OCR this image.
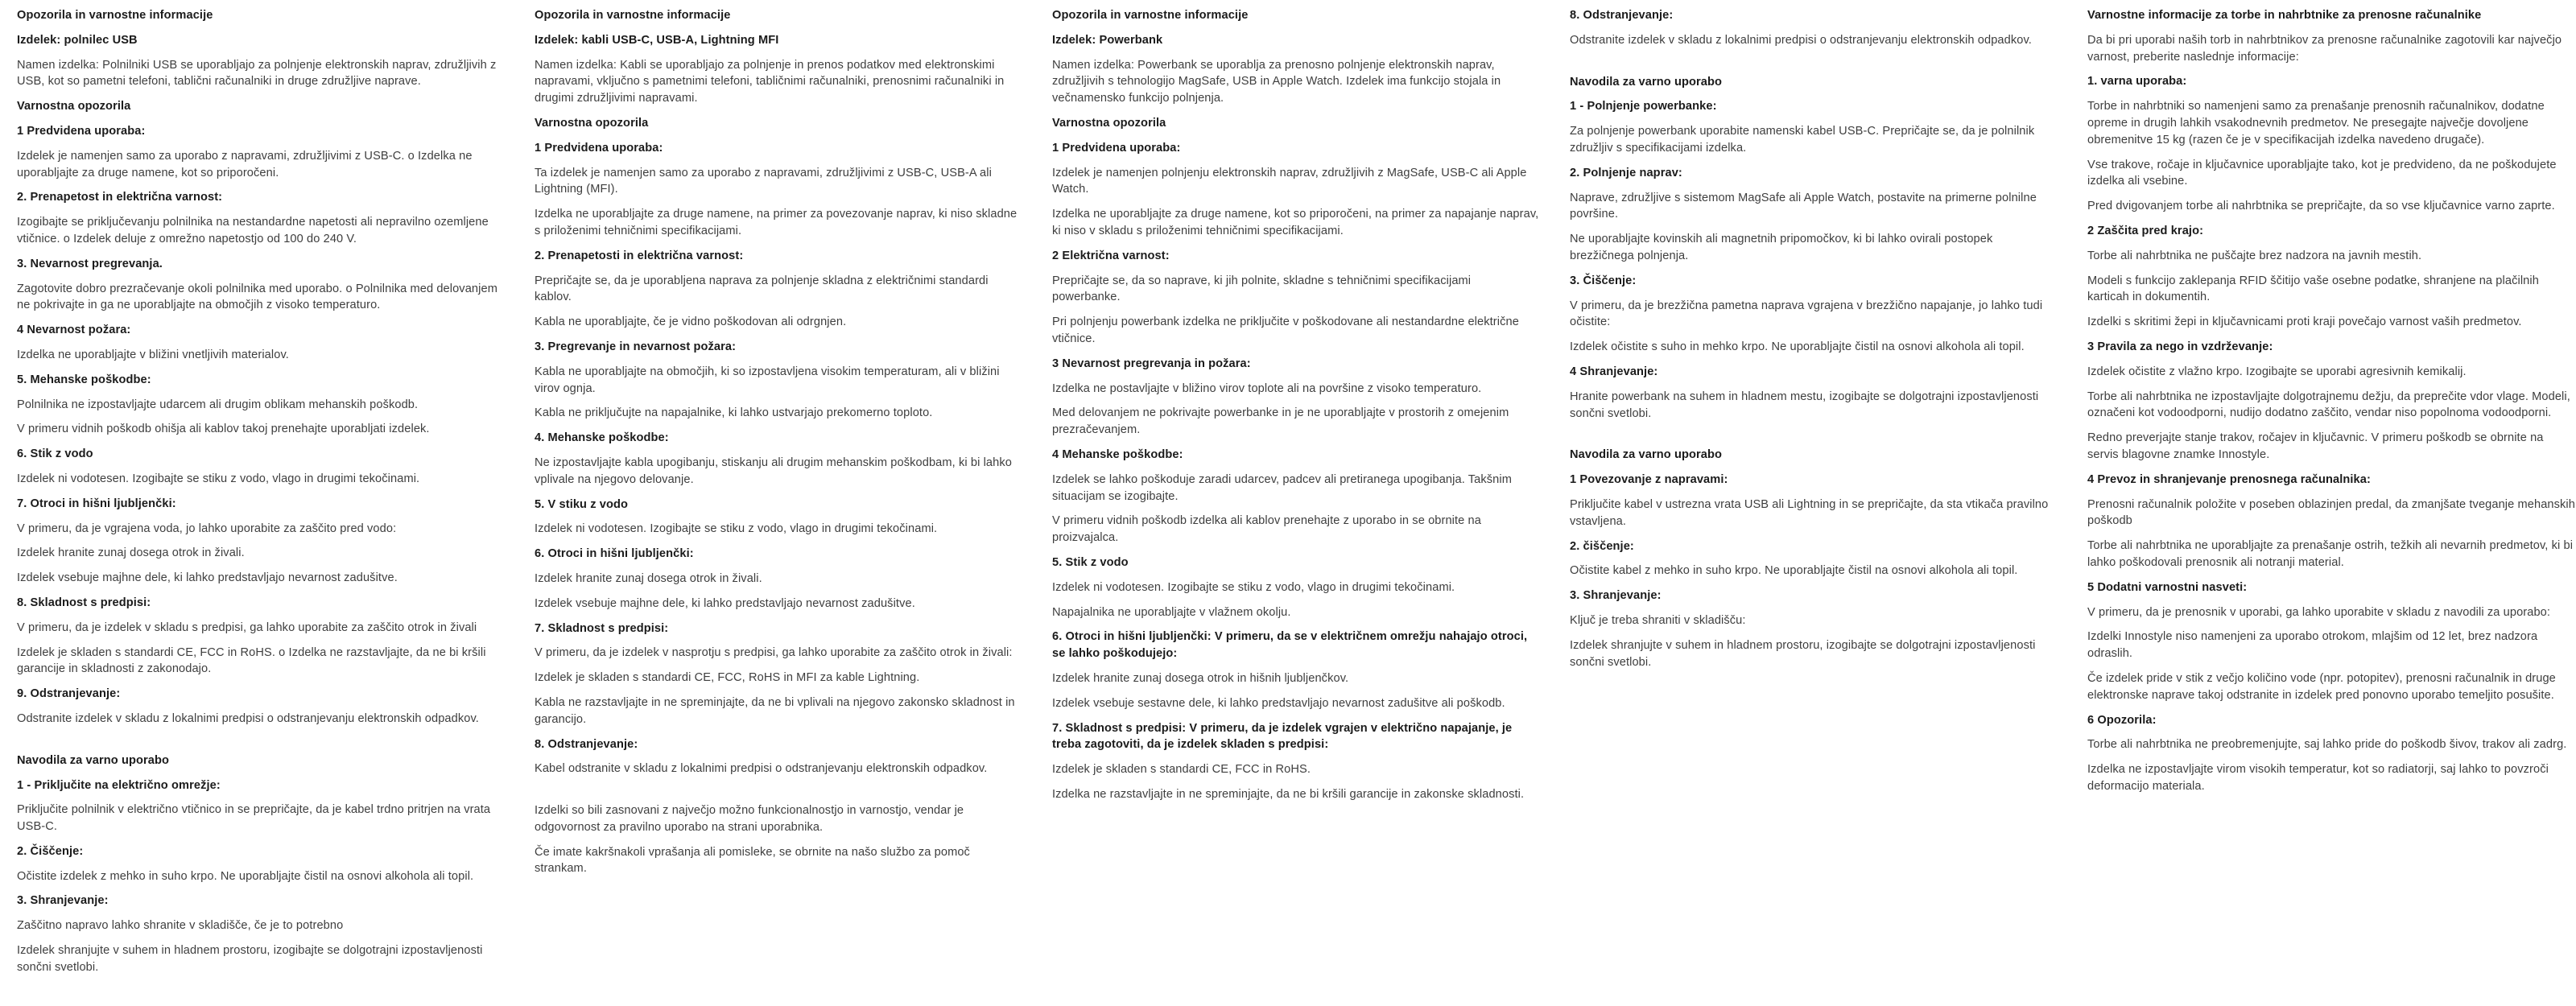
Opozorila in varnostne informacije
Izdelek: polnilec USB
Namen izdelka: Polnilniki USB se uporabljajo za polnjenje elektronskih naprav, združljivih z USB, kot so pametni telefoni, tablični računalniki in druge združljive naprave.
Varnostna opozorila
1 Predvidena uporaba:
Izdelek je namenjen samo za uporabo z napravami, združljivimi z USB-C. o Izdelka ne uporabljajte za druge namene, kot so priporočeni.
2. Prenapetost in električna varnost:
Izogibajte se priključevanju polnilnika na nestandardne napetosti ali nepravilno ozemljene vtičnice. o Izdelek deluje z omrežno napetostjo od 100 do 240 V.
3. Nevarnost pregrevanja.
Zagotovite dobro prezračevanje okoli polnilnika med uporabo. o Polnilnika med delovanjem ne pokrivajte in ga ne uporabljajte na območjih z visoko temperaturo.
4 Nevarnost požara:
Izdelka ne uporabljajte v bližini vnetljivih materialov.
5. Mehanske poškodbe:
Polnilnika ne izpostavljajte udarcem ali drugim oblikam mehanskih poškodb.
V primeru vidnih poškodb ohišja ali kablov takoj prenehajte uporabljati izdelek.
6. Stik z vodo
Izdelek ni vodotesen. Izogibajte se stiku z vodo, vlago in drugimi tekočinami.
7. Otroci in hišni ljubljenčki:
V primeru, da je vgrajena voda, jo lahko uporabite za zaščito pred vodo:
Izdelek hranite zunaj dosega otrok in živali.
Izdelek vsebuje majhne dele, ki lahko predstavljajo nevarnost zadušitve.
8. Skladnost s predpisi:
V primeru, da je izdelek v skladu s predpisi, ga lahko uporabite za zaščito otrok in živali
Izdelek je skladen s standardi CE, FCC in RoHS. o Izdelka ne razstavljajte, da ne bi kršili garancije in skladnosti z zakonodajo.
9. Odstranjevanje:
Odstranite izdelek v skladu z lokalnimi predpisi o odstranjevanju elektronskih odpadkov.
Navodila za varno uporabo
1 - Priključite na električno omrežje:
Priključite polnilnik v električno vtičnico in se prepričajte, da je kabel trdno pritrjen na vrata USB-C.
2. Čiščenje:
Očistite izdelek z mehko in suho krpo. Ne uporabljajte čistil na osnovi alkohola ali topil.
3. Shranjevanje:
Zaščitno napravo lahko shranite v skladišče, če je to potrebno
Izdelek shranjujte v suhem in hladnem prostoru, izogibajte se dolgotrajni izpostavljenosti sončni svetlobi.
Opozorila in varnostne informacije
Izdelek: kabli USB-C, USB-A, Lightning MFI
Namen izdelka: Kabli se uporabljajo za polnjenje in prenos podatkov med elektronskimi napravami, vključno s pametnimi telefoni, tabličnimi računalniki, prenosnimi računalniki in drugimi združljivimi napravami.
Varnostna opozorila
1 Predvidena uporaba:
Ta izdelek je namenjen samo za uporabo z napravami, združljivimi z USB-C, USB-A ali Lightning (MFI).
Izdelka ne uporabljajte za druge namene, na primer za povezovanje naprav, ki niso skladne s priloženimi tehničnimi specifikacijami.
2. Prenapetosti in električna varnost:
Prepričajte se, da je uporabljena naprava za polnjenje skladna z električnimi standardi kablov.
Kabla ne uporabljajte, če je vidno poškodovan ali odrgnjen.
3. Pregrevanje in nevarnost požara:
Kabla ne uporabljajte na območjih, ki so izpostavljena visokim temperaturam, ali v bližini virov ognja.
Kabla ne priključujte na napajalnike, ki lahko ustvarjajo prekomerno toploto.
4. Mehanske poškodbe:
Ne izpostavljajte kabla upogibanju, stiskanju ali drugim mehanskim poškodbam, ki bi lahko vplivale na njegovo delovanje.
5. V stiku z vodo
Izdelek ni vodotesen. Izogibajte se stiku z vodo, vlago in drugimi tekočinami.
6. Otroci in hišni ljubljenčki:
Izdelek hranite zunaj dosega otrok in živali.
Izdelek vsebuje majhne dele, ki lahko predstavljajo nevarnost zadušitve.
7. Skladnost s predpisi:
V primeru, da je izdelek v nasprotju s predpisi, ga lahko uporabite za zaščito otrok in živali:
Izdelek je skladen s standardi CE, FCC, RoHS in MFI za kable Lightning.
Kabla ne razstavljajte in ne spreminjajte, da ne bi vplivali na njegovo zakonsko skladnost in garancijo.
8. Odstranjevanje:
Kabel odstranite v skladu z lokalnimi predpisi o odstranjevanju elektronskih odpadkov.
Izdelki so bili zasnovani z največjo možno funkcionalnostjo in varnostjo, vendar je odgovornost za pravilno uporabo na strani uporabnika.
Če imate kakršnakoli vprašanja ali pomisleke, se obrnite na našo službo za pomoč strankam.
Opozorila in varnostne informacije
Izdelek: Powerbank
Namen izdelka: Powerbank se uporablja za prenosno polnjenje elektronskih naprav, združljivih s tehnologijo MagSafe, USB in Apple Watch. Izdelek ima funkcijo stojala in večnamensko funkcijo polnjenja.
Varnostna opozorila
1 Predvidena uporaba:
Izdelek je namenjen polnjenju elektronskih naprav, združljivih z MagSafe, USB-C ali Apple Watch.
Izdelka ne uporabljajte za druge namene, kot so priporočeni, na primer za napajanje naprav, ki niso v skladu s priloženimi tehničnimi specifikacijami.
2 Električna varnost:
Prepričajte se, da so naprave, ki jih polnite, skladne s tehničnimi specifikacijami powerbanke.
Pri polnjenju powerbank izdelka ne priključite v poškodovane ali nestandardne električne vtičnice.
3 Nevarnost pregrevanja in požara:
Izdelka ne postavljajte v bližino virov toplote ali na površine z visoko temperaturo.
Med delovanjem ne pokrivajte powerbanke in je ne uporabljajte v prostorih z omejenim prezračevanjem.
4 Mehanske poškodbe:
Izdelek se lahko poškoduje zaradi udarcev, padcev ali pretiranega upogibanja. Takšnim situacijam se izogibajte.
V primeru vidnih poškodb izdelka ali kablov prenehajte z uporabo in se obrnite na proizvajalca.
5. Stik z vodo
Izdelek ni vodotesen. Izogibajte se stiku z vodo, vlago in drugimi tekočinami.
Napajalnika ne uporabljajte v vlažnem okolju.
6. Otroci in hišni ljubljenčki: V primeru, da se v električnem omrežju nahajajo otroci, se lahko poškodujejo:
Izdelek hranite zunaj dosega otrok in hišnih ljubljenčkov.
Izdelek vsebuje sestavne dele, ki lahko predstavljajo nevarnost zadušitve ali poškodb.
7. Skladnost s predpisi: V primeru, da je izdelek vgrajen v električno napajanje, je treba zagotoviti, da je izdelek skladen s predpisi:
Izdelek je skladen s standardi CE, FCC in RoHS.
Izdelka ne razstavljajte in ne spreminjajte, da ne bi kršili garancije in zakonske skladnosti.
8. Odstranjevanje:
Odstranite izdelek v skladu z lokalnimi predpisi o odstranjevanju elektronskih odpadkov.
Navodila za varno uporabo
1 - Polnjenje powerbanke:
Za polnjenje powerbank uporabite namenski kabel USB-C. Prepričajte se, da je polnilnik združljiv s specifikacijami izdelka.
2. Polnjenje naprav:
Naprave, združljive s sistemom MagSafe ali Apple Watch, postavite na primerne polnilne površine.
Ne uporabljajte kovinskih ali magnetnih pripomočkov, ki bi lahko ovirali postopek brezžičnega polnjenja.
3. Čiščenje:
V primeru, da je brezžična pametna naprava vgrajena v brezžično napajanje, jo lahko tudi očistite:
Izdelek očistite s suho in mehko krpo. Ne uporabljajte čistil na osnovi alkohola ali topil.
4 Shranjevanje:
Hranite powerbank na suhem in hladnem mestu, izogibajte se dolgotrajni izpostavljenosti sončni svetlobi.
Navodila za varno uporabo
1 Povezovanje z napravami:
Priključite kabel v ustrezna vrata USB ali Lightning in se prepričajte, da sta vtikača pravilno vstavljena.
2. čiščenje:
Očistite kabel z mehko in suho krpo. Ne uporabljajte čistil na osnovi alkohola ali topil.
3. Shranjevanje:
Ključ je treba shraniti v skladišču:
Izdelek shranjujte v suhem in hladnem prostoru, izogibajte se dolgotrajni izpostavljenosti sončni svetlobi.
Varnostne informacije za torbe in nahrbtnike za prenosne računalnike
Da bi pri uporabi naših torb in nahrbtnikov za prenosne računalnike zagotovili kar največjo varnost, preberite naslednje informacije:
1. varna uporaba:
Torbe in nahrbtniki so namenjeni samo za prenašanje prenosnih računalnikov, dodatne opreme in drugih lahkih vsakodnevnih predmetov. Ne presegajte največje dovoljene obremenitve 15 kg (razen če je v specifikacijah izdelka navedeno drugače).
Vse trakove, ročaje in ključavnice uporabljajte tako, kot je predvideno, da ne poškodujete izdelka ali vsebine.
Pred dvigovanjem torbe ali nahrbtnika se prepričajte, da so vse ključavnice varno zaprte.
2 Zaščita pred krajo:
Torbe ali nahrbtnika ne puščajte brez nadzora na javnih mestih.
Modeli s funkcijo zaklepanja RFID ščitijo vaše osebne podatke, shranjene na plačilnih karticah in dokumentih.
Izdelki s skritimi žepi in ključavnicami proti kraji povečajo varnost vaših predmetov.
3 Pravila za nego in vzdrževanje:
Izdelek očistite z vlažno krpo. Izogibajte se uporabi agresivnih kemikalij.
Torbe ali nahrbtnika ne izpostavljajte dolgotrajnemu dežju, da preprečite vdor vlage. Modeli, označeni kot vodoodporni, nudijo dodatno zaščito, vendar niso popolnoma vodoodporni.
Redno preverjajte stanje trakov, ročajev in ključavnic. V primeru poškodb se obrnite na servis blagovne znamke Innostyle.
4 Prevoz in shranjevanje prenosnega računalnika:
Prenosni računalnik položite v poseben oblazinjen predal, da zmanjšate tveganje mehanskih poškodb
Torbe ali nahrbtnika ne uporabljajte za prenašanje ostrih, težkih ali nevarnih predmetov, ki bi lahko poškodovali prenosnik ali notranji material.
5 Dodatni varnostni nasveti:
V primeru, da je prenosnik v uporabi, ga lahko uporabite v skladu z navodili za uporabo:
Izdelki Innostyle niso namenjeni za uporabo otrokom, mlajšim od 12 let, brez nadzora odraslih.
Če izdelek pride v stik z večjo količino vode (npr. potopitev), prenosni računalnik in druge elektronske naprave takoj odstranite in izdelek pred ponovno uporabo temeljito posušite.
6 Opozorila:
Torbe ali nahrbtnika ne preobremenjujte, saj lahko pride do poškodb šivov, trakov ali zadrg.
Izdelka ne izpostavljajte virom visokih temperatur, kot so radiatorji, saj lahko to povzroči deformacijo materiala.
